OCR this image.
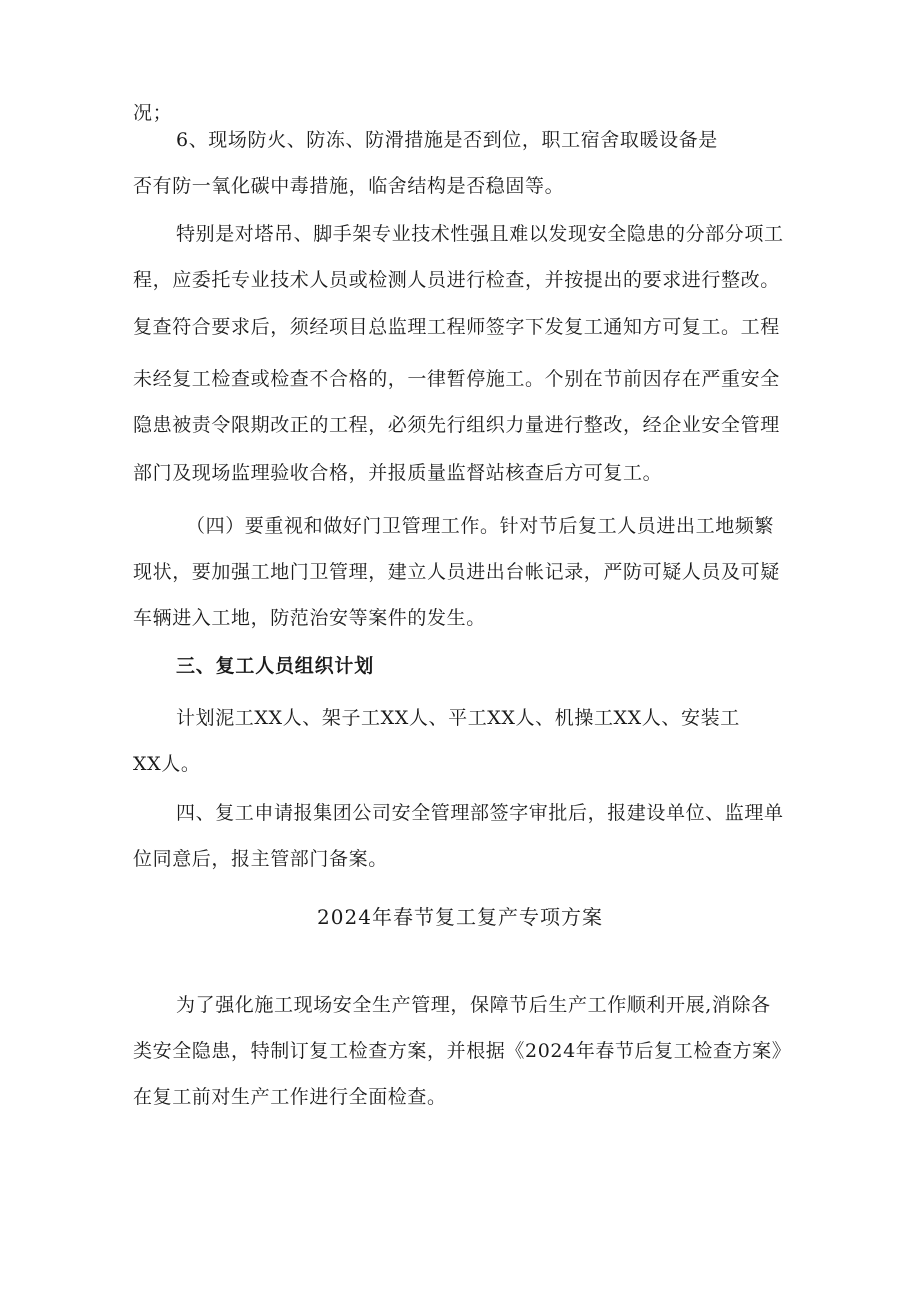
况；
6、现场防火、防冻、防滑措施是否到位，职工宿舍取暖设备是
否有防一氧化碳中毒措施，临舍结构是否稳固等。
特别是对塔吊、脚手架专业技术性强且难以发现安全隐患的分部分项工
程，应委托专业技术人员或检测人员进行检查，并按提出的要求进行整改。
复查符合要求后，须经项目总监理工程师签字下发复工通知方可复工。工程
未经复工检查或检查不合格的，一律暂停施工。个别在节前因存在严重安全
隐患被责令限期改正的工程，必须先行组织力量进行整改，经企业安全管理
部门及现场监理验收合格，并报质量监督站核查后方可复工。
（四）要重视和做好门卫管理工作。针对节后复工人员进出工地频繁
现状，要加强工地门卫管理，建立人员进出台帐记录，严防可疑人员及可疑
车辆进入工地，防范治安等案件的发生。
三、复工人员组织计划
计划泥工XX人、架子工XX人、平工XX人、机操工XX人、安装工
XX人。
四、复工申请报集团公司安全管理部签字审批后，报建设单位、监理单
位同意后，报主管部门备案。
2024年春节复工复产专项方案
为了强化施工现场安全生产管理，保障节后生产工作顺利开展,消除各
类安全隐患，特制订复工检查方案，并根据《2024年春节后复工检查方案》
在复工前对生产工作进行全面检查。
